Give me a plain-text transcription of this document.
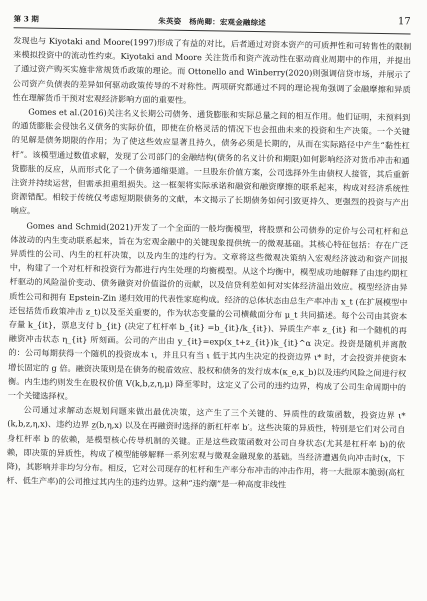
第 3 期	朱英姿　杨尚卿：宏观金融综述	17

发现也与 Kiyotaki and Moore(1997)形成了有益的对比，后者通过对资本资产的可质押性和可转售性的限制来模拟投资中的流动性约束。Kiyotaki and Moore 关注货币和资产流动性在驱动商业周期中的作用，并提出了通过资产购买实施非常规货币政策的理论。而 Ottonello and Winberry(2020)则强调信贷市场，并展示了公司资产负债表的差异如何驱动政策传导的不对称性。两项研究都通过不同的理论视角强调了金融摩擦和异质性在理解货币干预对宏观经济影响方面的重要性。

Gomes et al.(2016)关注名义长期公司债务、通货膨胀和实际总量之间的相互作用。他们证明，未预料到的通货膨胀会侵蚀名义债务的实际价值，即使在价格灵活的情况下也会扭曲未来的投资和生产决策。一个关键的见解是债务期限的作用；为了使这些效应显著且持久，债务必须是长期的，从而在实际路径中产生“黏性杠杆”。该模型通过数值求解，发现了公司部门的金融结构(债务的名义计价和期限)如何影响经济对货币冲击和通货膨胀的反应，从而形式化了一个债务通缩渠道。一旦股东价值方案，公司选择外生由债权人接管，其后重新注资并持续运营，但需承担重组损失。这一框架将实际承诺和融资和融资摩擦的联系起来，构成对经济系统性资源错配。相较于传统仅考虑短期限债务的文献，本文揭示了长期债务如何引致更持久、更强烈的投资与产出响应。

Gomes and Schmid(2021)开发了一个全面的一般均衡模型，将股票和公司债券的定价与公司杠杆和总体波动的内生变动联系起来，旨在为宏观金融中的关键现象提供统一的微观基础。其核心特征包括：存在广泛异质性的公司、内生的杠杆决策，以及内生的违约行为。文章将这些微观决策纳入宏观经济波动和资产回报中，构建了一个对杠杆和投资行为都进行内生处理的均衡模型。从这个均衡中，模型成功地解释了由违约期杠杆驱动的风险溢价变动、债务融资对价值溢价的贡献，以及信贷利差如何对实体经济溢出效应。模型经济由异质性公司和拥有 Epstein-Zin 递归效用的代表性家庭构成。经济的总体状态由总生产率冲击 x_t (在扩展模型中还包括货币政策冲击 z_t)以及至关重要的，作为状态变量的公司横截面分布 μ_t 共同描述。每个公司由其资本存量 k_{it}，票息支付 b_{it} (决定了杠杆率 b_{it} =b_{it}/k_{it})、异质生产率 z_{it} 和一个随机的再融资冲击状态 η_{it} 所刻画。公司的产出由 y_{it}=exp(x_t+z_{it})k_{it}^α 决定。投资是随机并离散的：公司每期获得一个随机的投资成本 ι，并且只有当 ι 低于其内生决定的投资边界 ι* 时，才会投资并使资本增长固定的 g 倍。融资决策则是在债务的税盾效应、股权和债务的发行成本(κ_e,κ_b)以及违约风险之间进行权衡。内生违约则发生在股权价值 V(k,b,z,η,μ) 降至零时，这定义了公司的违约边界，构成了公司生命周期中的一个关键选择权。

公司通过求解动态规划问题来做出最优决策，这产生了三个关键的、异质性的政策函数，投资边界 ι*(k,b,z,η,x)、违约边界 z̲(b,η,x) 以及在再融资时选择的新杠杆率 b′。这些决策的异质性，特别是它们对公司自身杠杆率 b 的依赖，是模型核心传导机制的关键。正是这些政策函数对公司自身状态(尤其是杠杆率 b)的依赖，即决策的异质性，构成了模型能够解释一系列宏观与微观金融现象的基础。当经济遭遇负向冲击时(x，下降)，其影响并非均匀分布。相反，它对公司现存的杠杆和生产率分布冲击的冲击作用，将一大批原本脆弱(高杠杆、低生产率)的公司推过其内生的违约边界。这种“违约潮”是一种高度非线性
